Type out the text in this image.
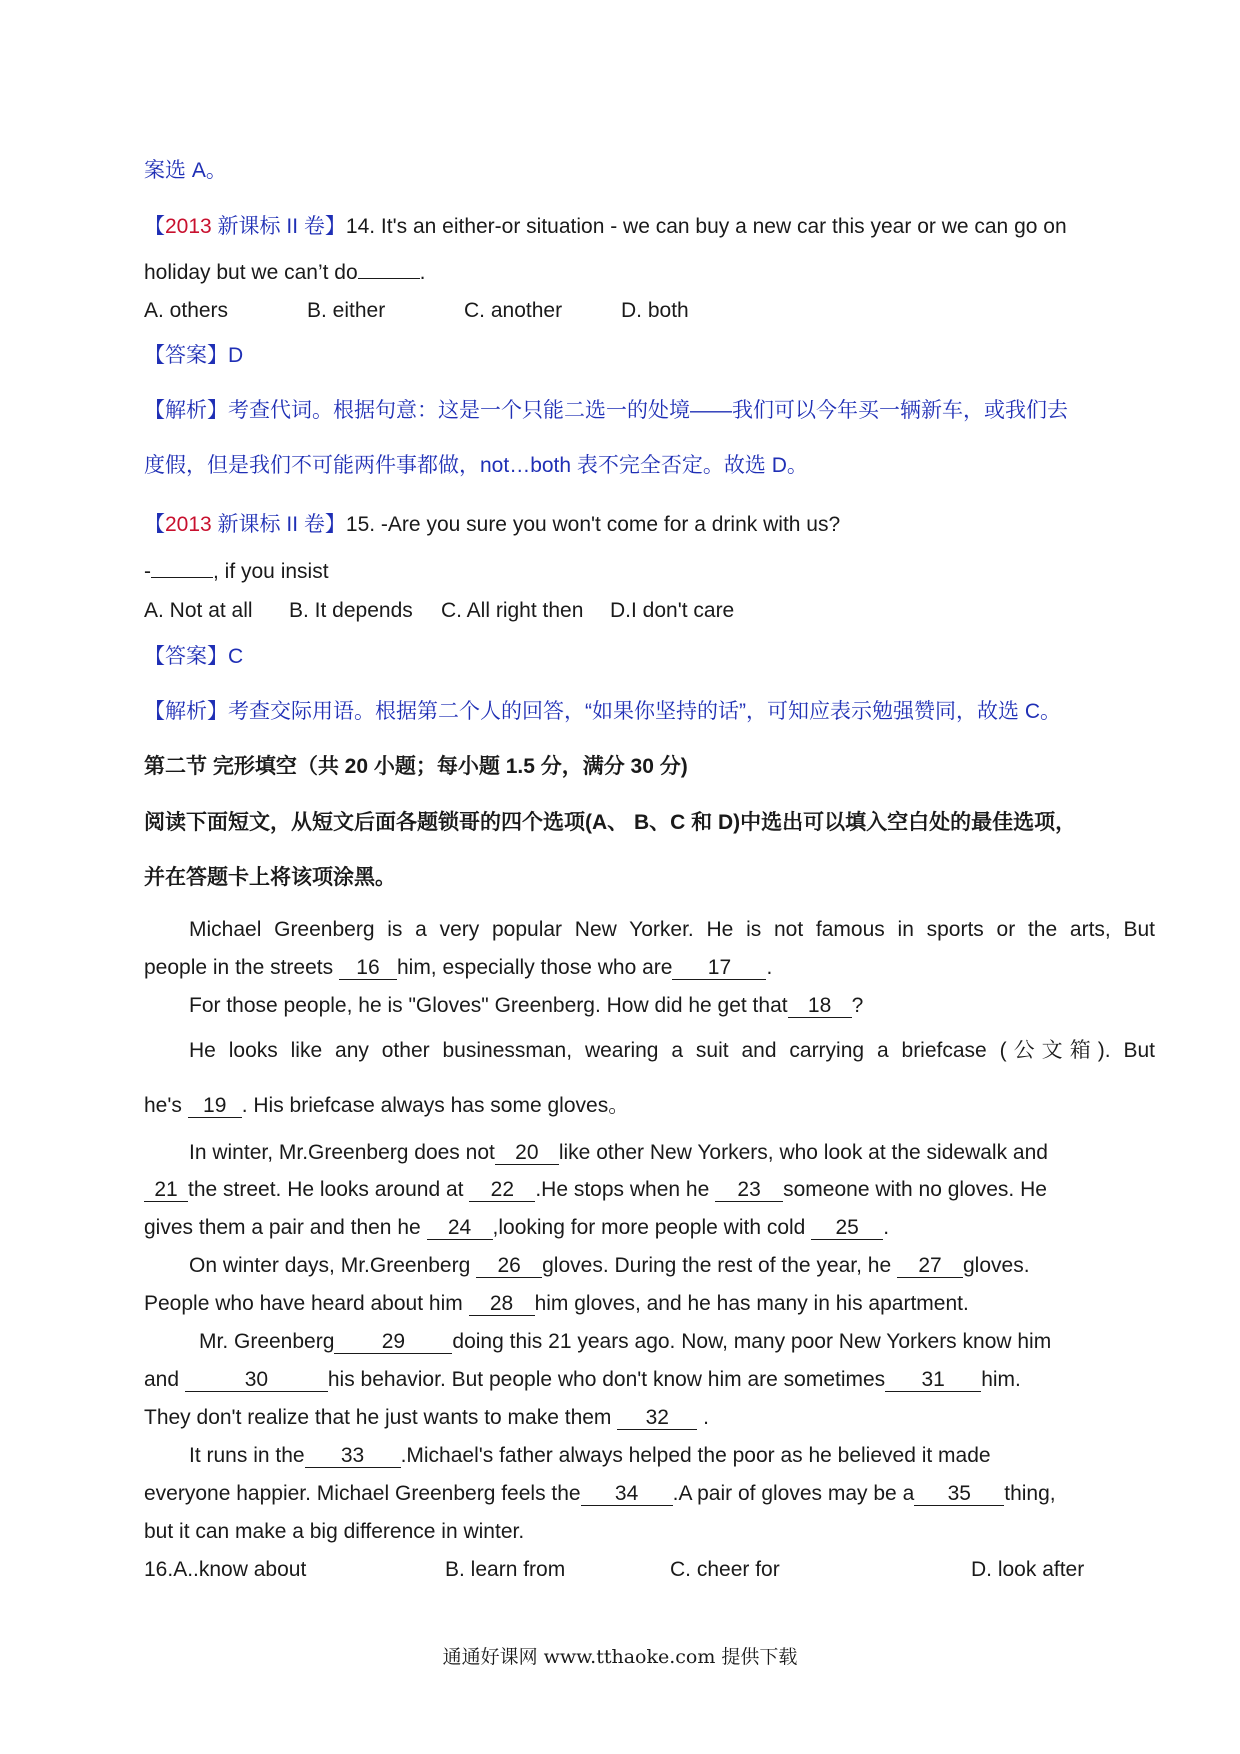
案选 A。
【2013 新课标 II 卷】14. It's an either-or situation - we can buy a new car this year or we can go on
holiday but we can’t do	.
A. others	B. either	C. another	D. both
【答案】D
【解析】考查代词。根据句意：这是一个只能二选一的处境——我们可以今年买一辆新车，或我们去
度假，但是我们不可能两件事都做，not…both 表不完全否定。故选 D。
【2013 新课标 II 卷】15. -Are you sure you won't come for a drink with us?
-	, if you insist
A. Not at all B. It depends C. All right then D.I don't care
【答案】C
【解析】考查交际用语。根据第二个人的回答，“如果你坚持的话”，可知应表示勉强赞同，故选 C。
第二节 完形填空（共 20 小题；每小题 1.5 分，满分 30 分)
阅读下面短文，从短文后面各题锁哥的四个选项(A、 B、C 和 D)中选出可以填入空白处的最佳选项，
并在答题卡上将该项涂黑。
Michael Greenberg is a very popular New Yorker. He is not famous in sports or the arts, But
people in the streets 16 him, especially those who are 17 .
For those people, he is "Gloves" Greenberg. How did he get that 18 ?
He looks like any other businessman, wearing a suit and carrying a briefcase (公文箱). But
he's 19 . His briefcase always has some gloves。
In winter, Mr.Greenberg does not 20 like other New Yorkers, who look at the sidewalk and
21 the street. He looks around at 22 .He stops when he 23 someone with no gloves. He
gives them a pair and then he 24 ,looking for more people with cold 25 .
On winter days, Mr.Greenberg 26 gloves. During the rest of the year, he 27 gloves.
People who have heard about him 28 him gloves, and he has many in his apartment.
Mr. Greenberg 29 doing this 21 years ago. Now, many poor New Yorkers know him
and	30	his behavior. But people who don't know him are sometimes 31 him.
They don't realize that he just wants to make them 32 .
It runs in the 33 .Michael's father always helped the poor as he believed it made
everyone happier. Michael Greenberg feels the 34 .A pair of gloves may be a 35 thing,
but it can make a big difference in winter.
16.A..know about	B. learn from	C. cheer for	D. look after
通通好课网 www.tthaoke.com 提供下载
